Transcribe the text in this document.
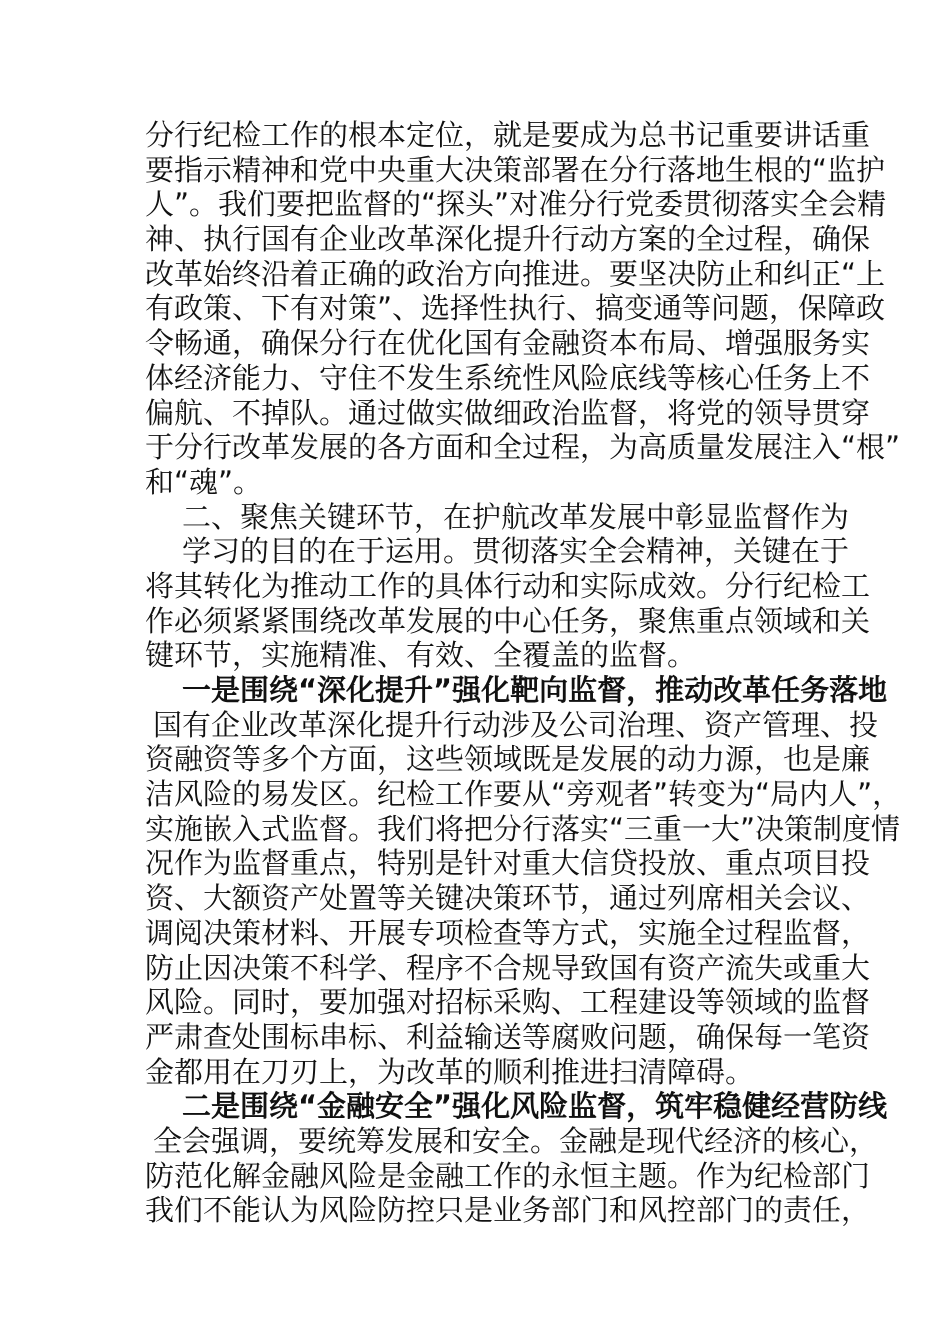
分行纪检工作的根本定位，就是要成为总书记重要讲话重
要指示精神和党中央重大决策部署在分行落地生根的“监护
人”。我们要把监督的“探头”对准分行党委贯彻落实全会精
神、执行国有企业改革深化提升行动方案的全过程，确保
改革始终沿着正确的政治方向推进。要坚决防止和纠正“上
有政策、下有对策”、选择性执行、搞变通等问题，保障政
令畅通，确保分行在优化国有金融资本布局、增强服务实
体经济能力、守住不发生系统性风险底线等核心任务上不
偏航、不掉队。通过做实做细政治监督，将党的领导贯穿
于分行改革发展的各方面和全过程，为高质量发展注入“根”
和“魂”。
二、聚焦关键环节，在护航改革发展中彰显监督作为
学习的目的在于运用。贯彻落实全会精神，关键在于
将其转化为推动工作的具体行动和实际成效。分行纪检工
作必须紧紧围绕改革发展的中心任务，聚焦重点领域和关
键环节，实施精准、有效、全覆盖的监督。
一是围绕“深化提升”强化靶向监督，推动改革任务落地
国有企业改革深化提升行动涉及公司治理、资产管理、投
资融资等多个方面，这些领域既是发展的动力源，也是廉
洁风险的易发区。纪检工作要从“旁观者”转变为“局内人”，
实施嵌入式监督。我们将把分行落实“三重一大”决策制度情
况作为监督重点，特别是针对重大信贷投放、重点项目投
资、大额资产处置等关键决策环节，通过列席相关会议、
调阅决策材料、开展专项检查等方式，实施全过程监督，
防止因决策不科学、程序不合规导致国有资产流失或重大
风险。同时，要加强对招标采购、工程建设等领域的监督
严肃查处围标串标、利益输送等腐败问题，确保每一笔资
金都用在刀刃上，为改革的顺利推进扫清障碍。
二是围绕“金融安全”强化风险监督，筑牢稳健经营防线
全会强调，要统筹发展和安全。金融是现代经济的核心，
防范化解金融风险是金融工作的永恒主题。作为纪检部门
我们不能认为风险防控只是业务部门和风控部门的责任，
